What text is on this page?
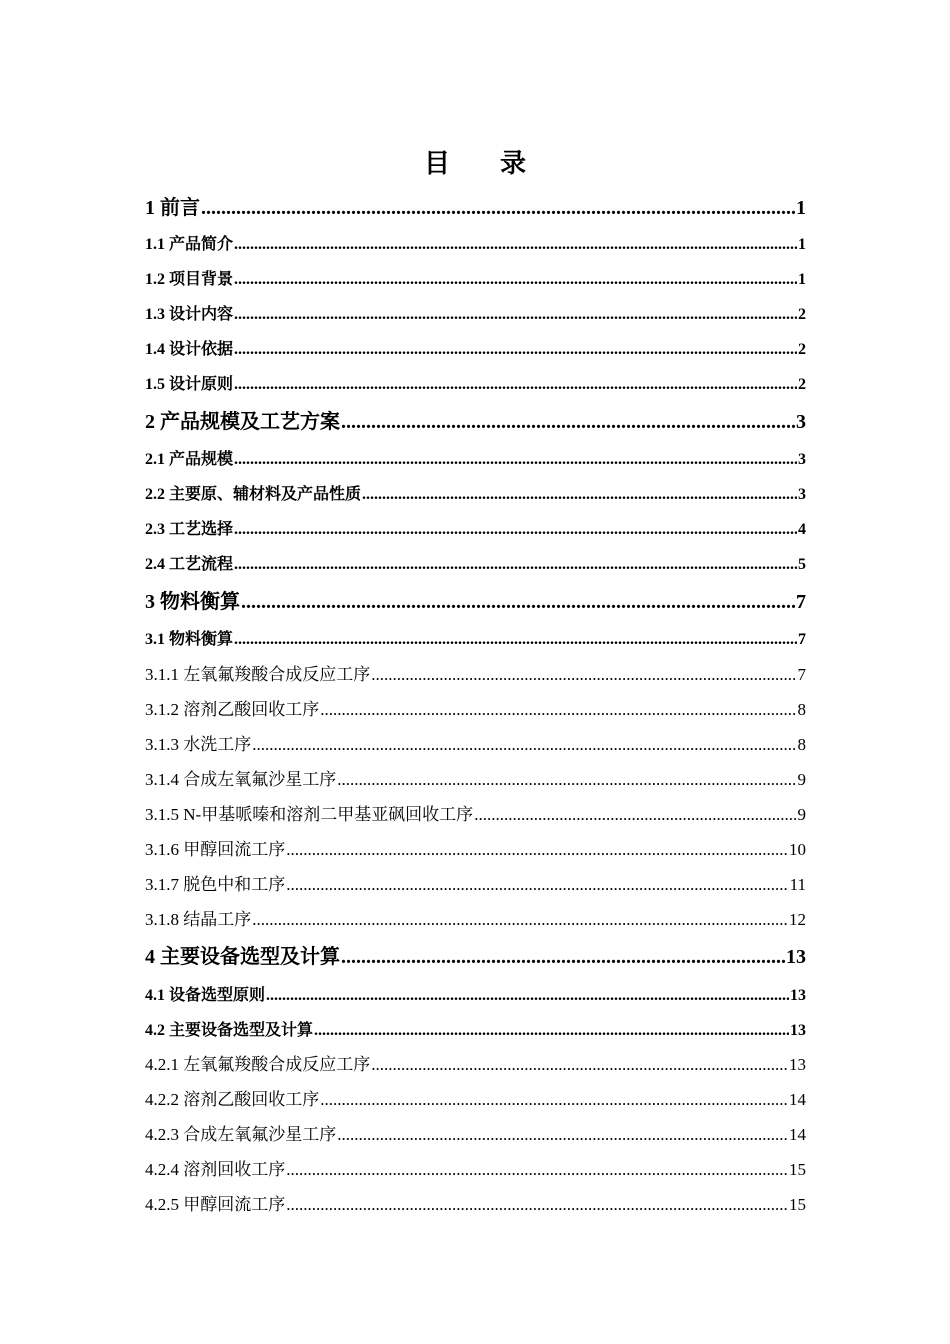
目 录
1 前言 .....	1
1.1 产品简介 .....	1
1.2 项目背景 .....	1
1.3 设计内容 .....	2
1.4 设计依据 .....	2
1.5 设计原则 .....	2
2 产品规模及工艺方案 .....	3
2.1 产品规模 .....	3
2.2 主要原、辅材料及产品性质 .....	3
2.3 工艺选择 .....	4
2.4 工艺流程 .....	5
3 物料衡算 .....	7
3.1 物料衡算 .....	7
3.1.1 左氧氟羧酸合成反应工序 .....	7
3.1.2 溶剂乙酸回收工序 .....	8
3.1.3 水洗工序 .....	8
3.1.4 合成左氧氟沙星工序 .....	9
3.1.5 N-甲基哌嗪和溶剂二甲基亚砜回收工序 .....	9
3.1.6 甲醇回流工序 .....	10
3.1.7 脱色中和工序 .....	11
3.1.8 结晶工序 .....	12
4 主要设备选型及计算 .....	13
4.1 设备选型原则 .....	13
4.2 主要设备选型及计算 .....	13
4.2.1 左氧氟羧酸合成反应工序 .....	13
4.2.2 溶剂乙酸回收工序 .....	14
4.2.3 合成左氧氟沙星工序 .....	14
4.2.4 溶剂回收工序 .....	15
4.2.5 甲醇回流工序 .....	15
